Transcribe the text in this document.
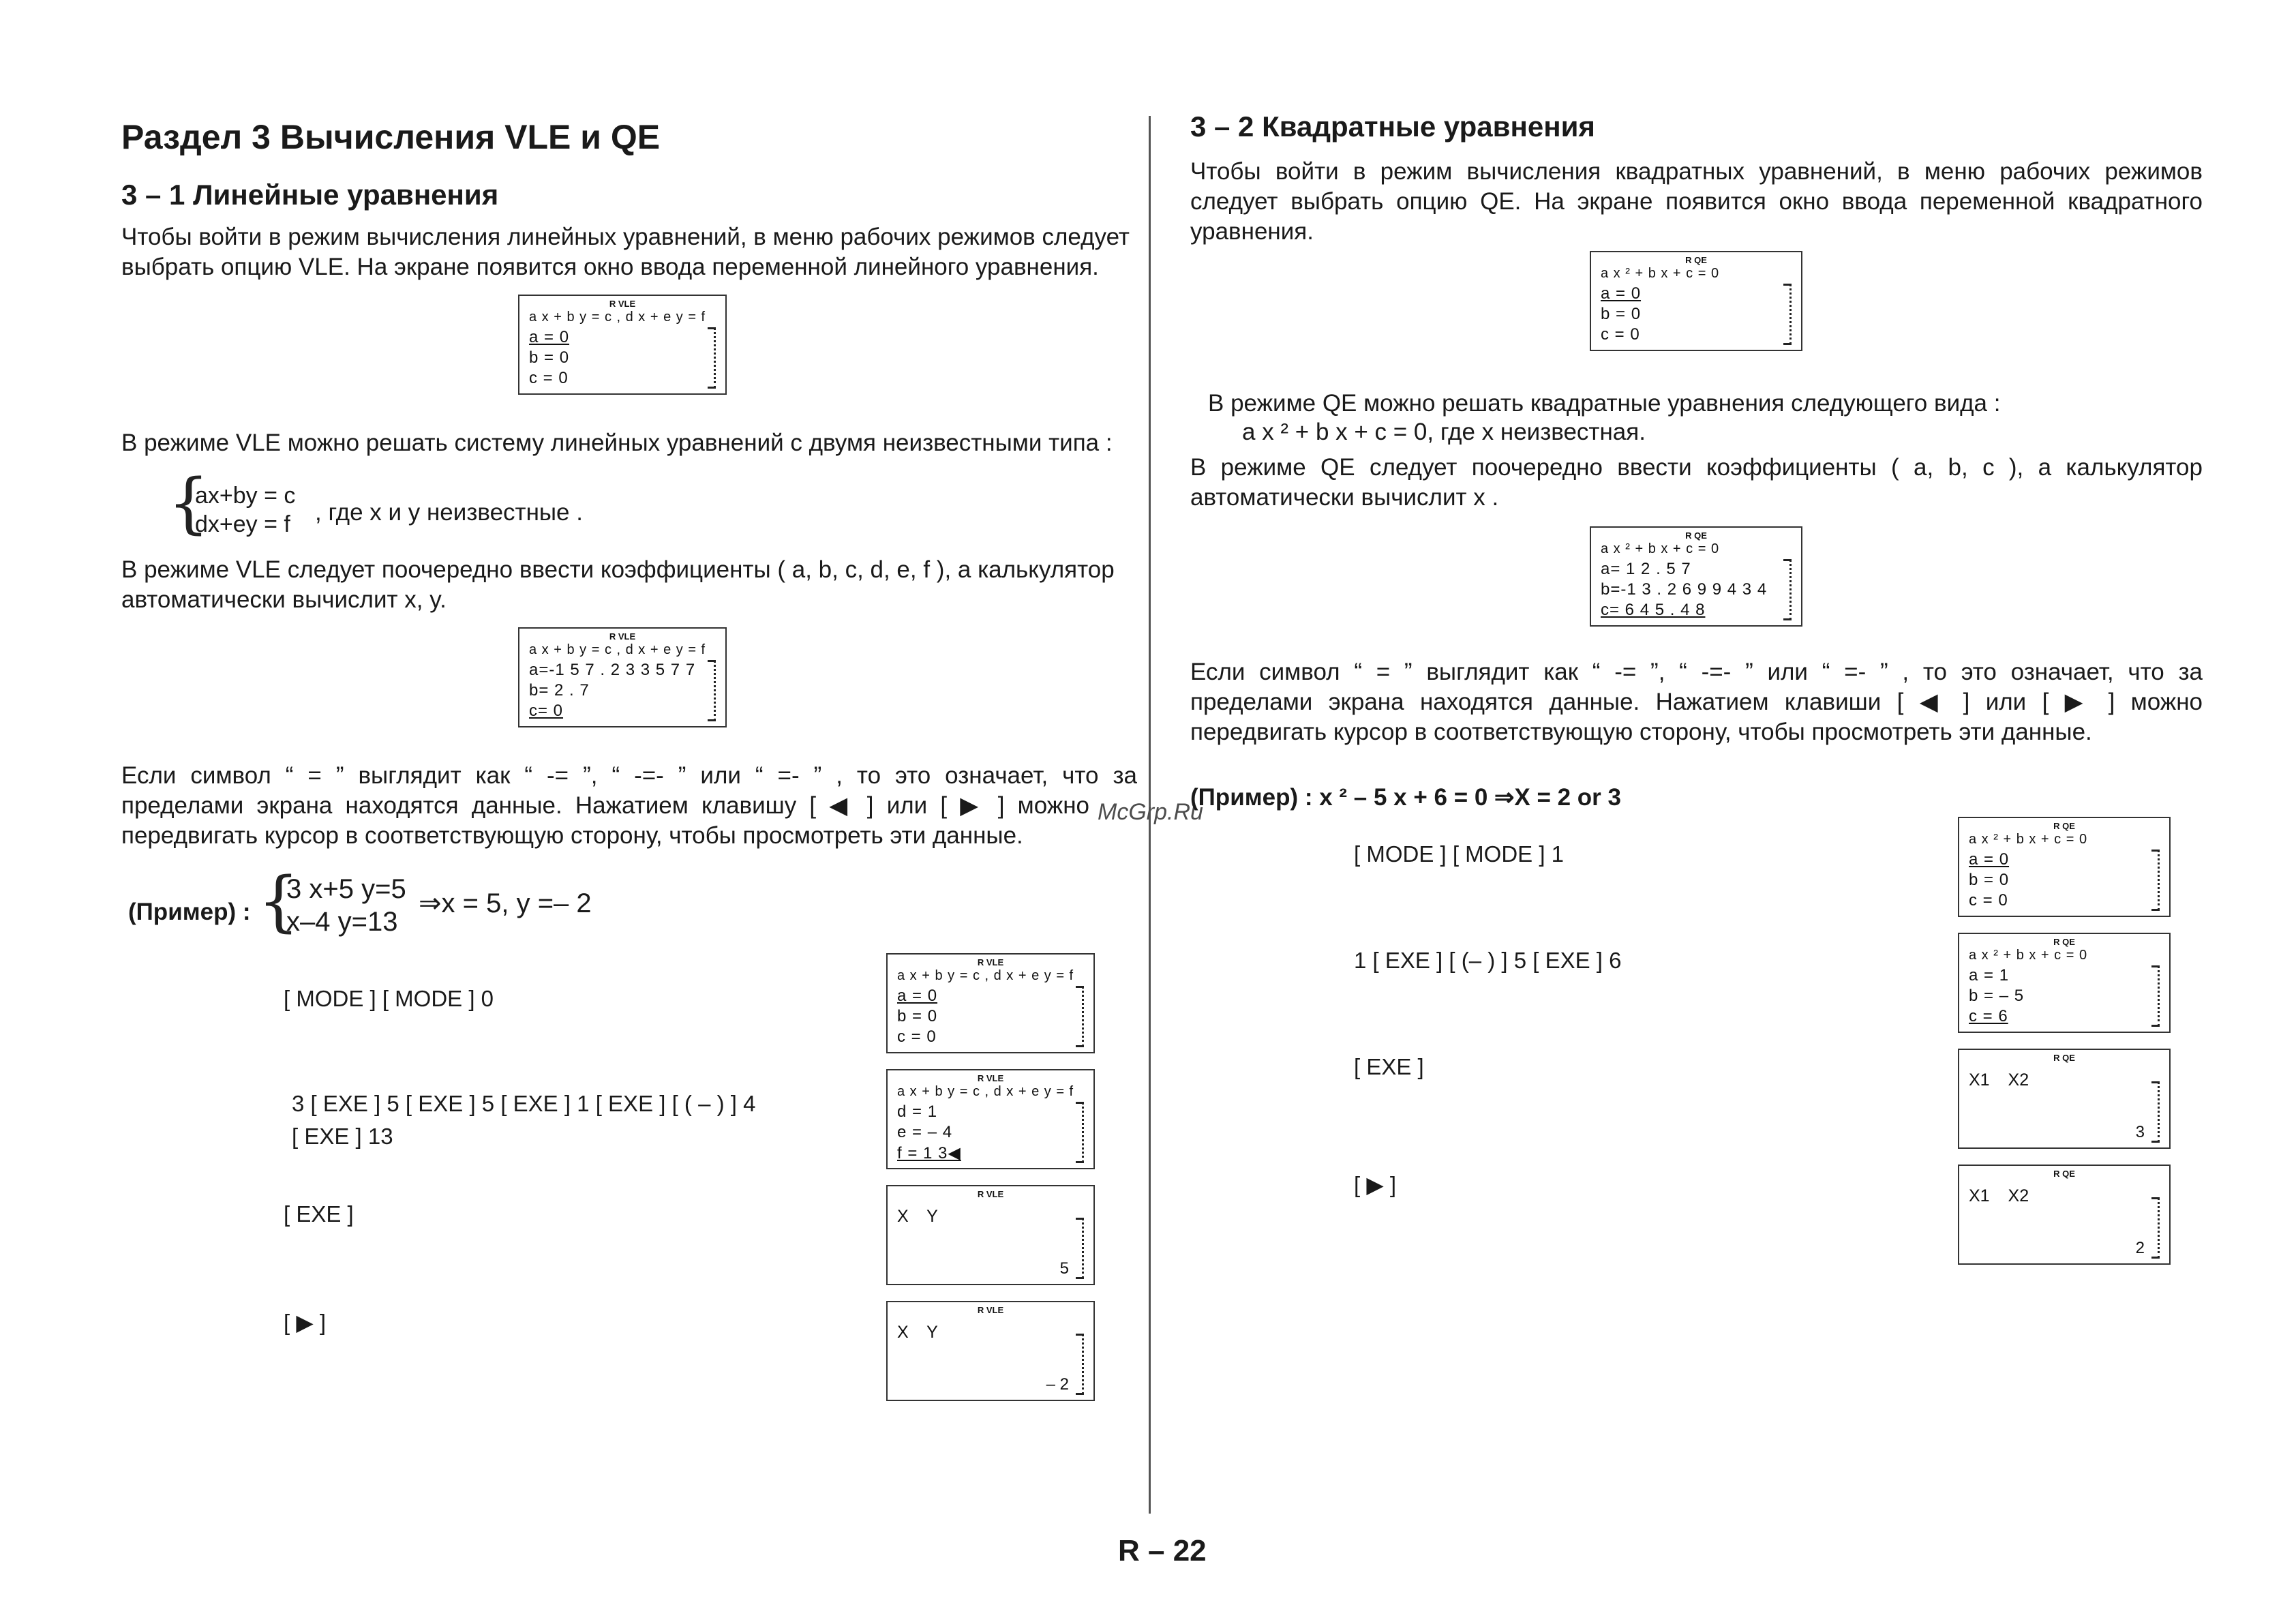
Раздел 3 Вычисления VLE и QE
3 – 1 Линейные уравнения
Чтобы войти в режим вычисления линейных уравнений, в меню рабочих режимов следует
выбрать опцию VLE. На экране появится окно ввода переменной линейного уравнения.
R VLE
a x + b y = c , d x + e y = f
a = 0
b = 0
c = 0
В режиме VLE можно решать систему линейных уравнений с двумя неизвестными типа :
{
ax+by = c
dx+ey = f , где x и y неизвестные .
В режиме VLE следует поочередно ввести коэффициенты ( a, b, c, d, e, f ), а калькулятор
автоматически вычислит x, y.
R VLE
a x + b y = c , d x + e y = f
a=-1 5 7 . 2 3 3 5 7 7
b= 2 . 7
c= 0
Если символ “ = ” выглядит как “ -= ”, “ -=- ” или “ =- ” , то это означает, что за
пределами экрана находятся данные. Нажатием клавишу [ ◀ ] или [ ▶ ] можно
передвигать курсор в соответствующую сторону, чтобы просмотреть эти данные.
(Пример) : {
3 x+5 y=5
x–4 y=13
⇒x = 5, y =– 2
[ MODE ] [ MODE ] 0
3 [ EXE ] 5 [ EXE ] 5 [ EXE ] 1 [ EXE ] [ ( – ) ] 4
[ EXE ] 13
[ EXE ]
[ ▶ ]
R VLE
a x + b y = c , d x + e y = f
a = 0
b = 0
c = 0
R VLE
a x + b y = c , d x + e y = f
d = 1
e = – 4
f = 1 3◀
R VLE
X Y
5
R VLE
X Y
– 2
McGrp.Ru
3 – 2 Квадратные уравнения
Чтобы войти в режим вычисления квадратных уравнений, в меню рабочих режимов
следует выбрать опцию QE. На экране появится окно ввода переменной квадратного
уравнения.
R QE
a x ² + b x + c = 0
a = 0
b = 0
c = 0
В режиме QE можно решать квадратные уравнения следующего вида :
a x ² + b x + c = 0, где x неизвестная.
В режиме QE следует поочередно ввести коэффициенты ( a, b, c ), а калькулятор
автоматически вычислит x .
R QE
a x ² + b x + c = 0
a= 1 2 . 5 7
b=-1 3 . 2 6 9 9 4 3 4
c= 6 4 5 . 4 8
Если символ “ = ” выглядит как “ -= ”, “ -=- ” или “ =- ” , то это означает, что за
пределами экрана находятся данные. Нажатием клавиши [ ◀ ] или [ ▶ ] можно
передвигать курсор в соответствующую сторону, чтобы просмотреть эти данные.
(Пример) : x ² – 5 x + 6 = 0 ⇒X = 2 or 3
[ MODE ] [ MODE ] 1
1 [ EXE ] [ (– ) ] 5 [ EXE ] 6
[ EXE ]
[ ▶ ]
R QE
a x ² + b x + c = 0
a = 0
b = 0
c = 0
R QE
a x ² + b x + c = 0
a = 1
b = – 5
c = 6
R QE
X1 X2
3
R QE
X1 X2
2
R – 22
